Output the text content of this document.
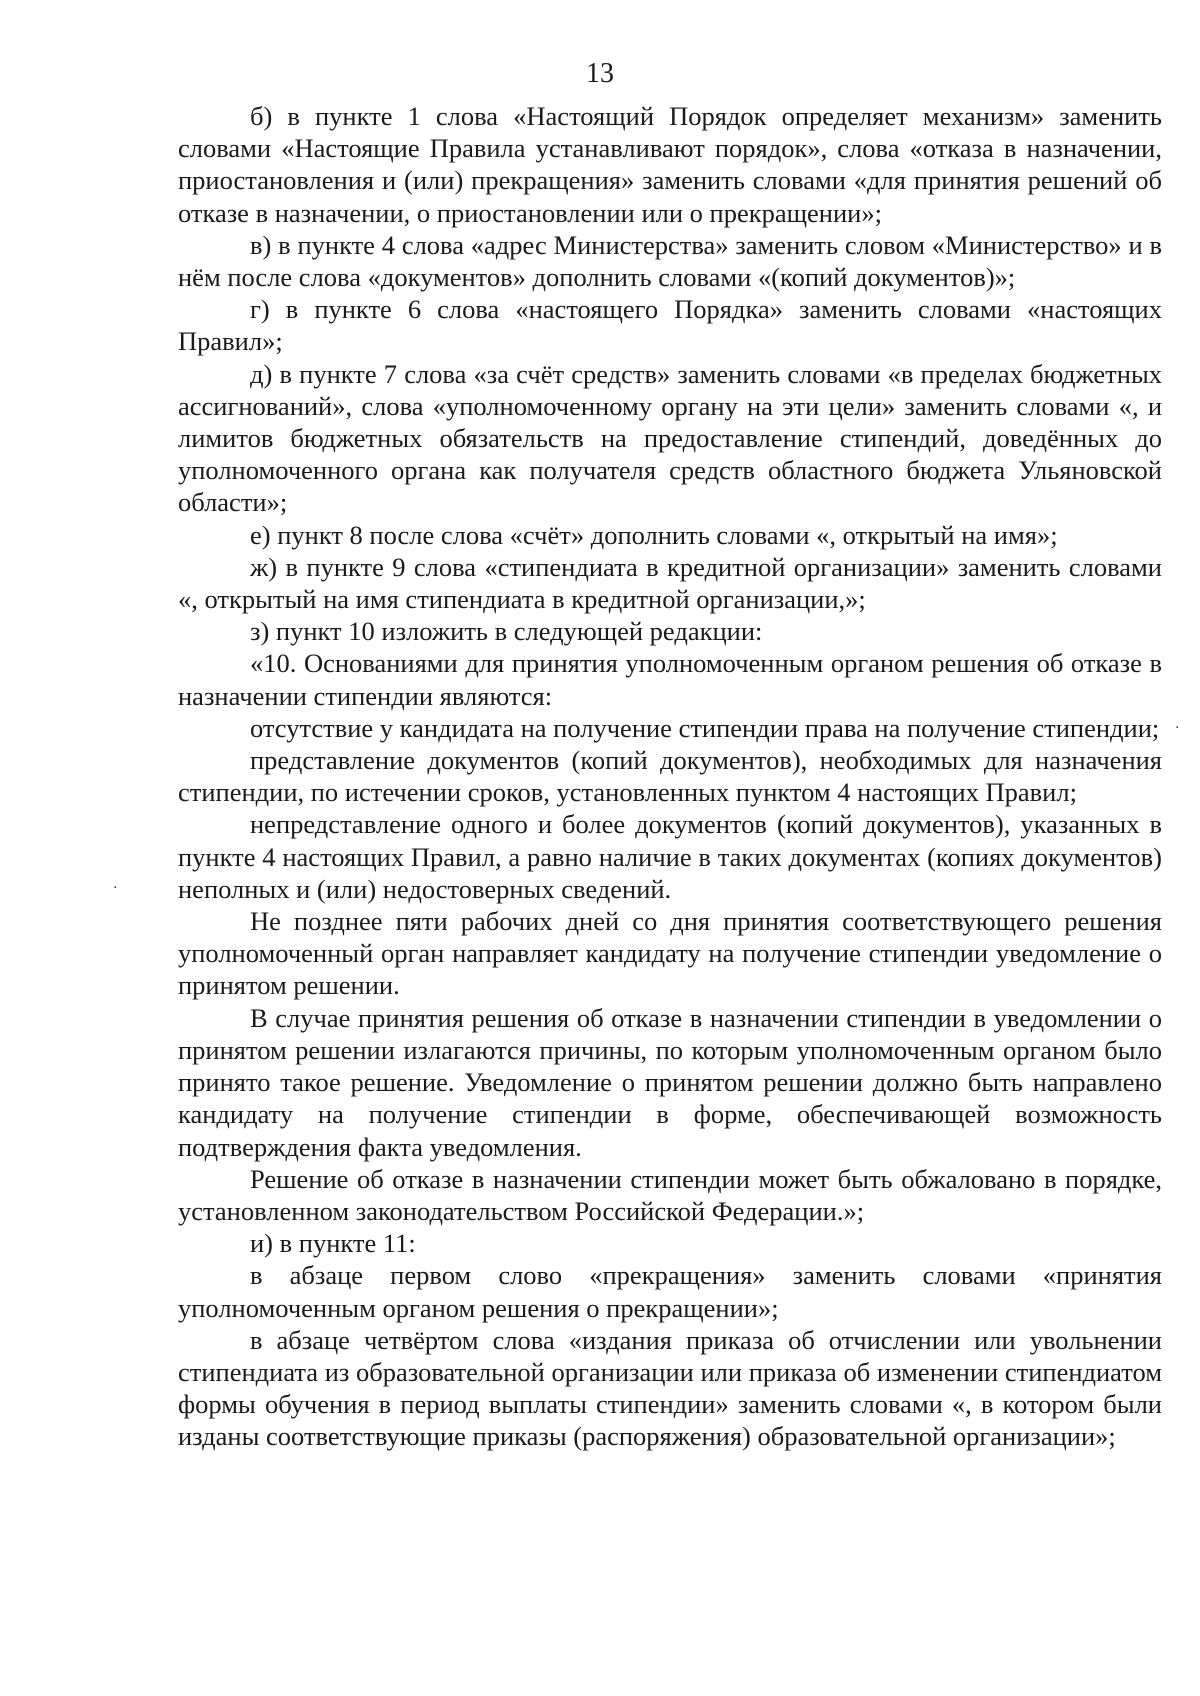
13

б) в пункте 1 слова «Настоящий Порядок определяет механизм» заменить словами «Настоящие Правила устанавливают порядок», слова «отказа в назначении, приостановления и (или) прекращения» заменить словами «для принятия решений об отказе в назначении, о приостановлении или о прекращении»;

в) в пункте 4 слова «адрес Министерства» заменить словом «Министерство» и в нём после слова «документов» дополнить словами «(копий документов)»;

г) в пункте 6 слова «настоящего Порядка» заменить словами «настоящих Правил»;

д) в пункте 7 слова «за счёт средств» заменить словами «в пределах бюджетных ассигнований», слова «уполномоченному органу на эти цели» заменить словами «, и лимитов бюджетных обязательств на предоставление стипендий, доведённых до уполномоченного органа как получателя средств областного бюджета Ульяновской области»;

е) пункт 8 после слова «счёт» дополнить словами «, открытый на имя»;

ж) в пункте 9 слова «стипендиата в кредитной организации» заменить словами «, открытый на имя стипендиата в кредитной организации,»;

з) пункт 10 изложить в следующей редакции:

«10. Основаниями для принятия уполномоченным органом решения об отказе в назначении стипендии являются:

отсутствие у кандидата на получение стипендии права на получение стипендии;

представление документов (копий документов), необходимых для назначения стипендии, по истечении сроков, установленных пунктом 4 настоящих Правил;

непредставление одного и более документов (копий документов), указанных в пункте 4 настоящих Правил, а равно наличие в таких документах (копиях документов) неполных и (или) недостоверных сведений.

Не позднее пяти рабочих дней со дня принятия соответствующего решения уполномоченный орган направляет кандидату на получение стипендии уведомление о принятом решении.

В случае принятия решения об отказе в назначении стипендии в уведомлении о принятом решении излагаются причины, по которым уполномоченным органом было принято такое решение. Уведомление о принятом решении должно быть направлено кандидату на получение стипендии в форме, обеспечивающей возможность подтверждения факта уведомления.

Решение об отказе в назначении стипендии может быть обжаловано в порядке, установленном законодательством Российской Федерации.»;

и) в пункте 11:

в абзаце первом слово «прекращения» заменить словами «принятия уполномоченным органом решения о прекращении»;

в абзаце четвёртом слова «издания приказа об отчислении или увольнении стипендиата из образовательной организации или приказа об изменении стипендиатом формы обучения в период выплаты стипендии» заменить словами «, в котором были изданы соответствующие приказы (распоряжения) образовательной организации»;

·
·
